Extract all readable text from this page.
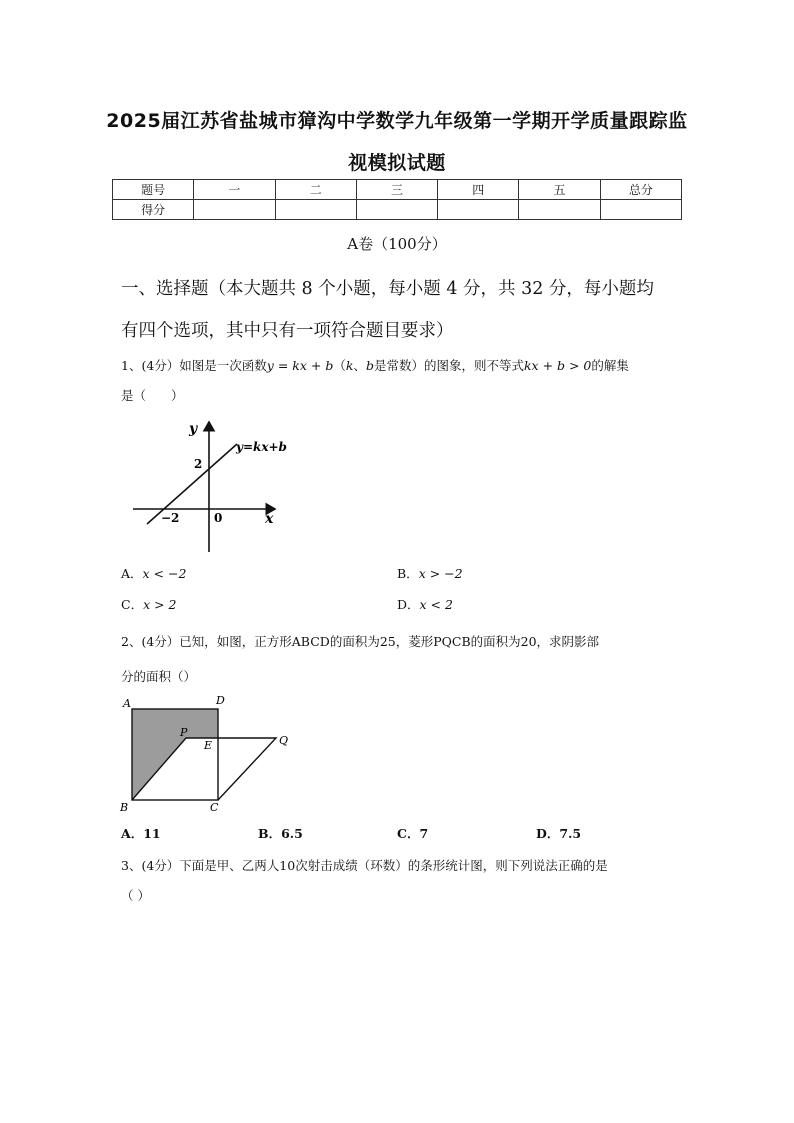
2025届江苏省盐城市獐沟中学数学九年级第一学期开学质量跟踪监
视模拟试题
题号	一	二	三	四	五	总分
得分						
A卷（100分）
一、选择题（本大题共 8 个小题，每小题 4 分，共 32 分，每小题均
有四个选项，其中只有一项符合题目要求）
1、(4分）如图是一次函数y = kx + b（k、b是常数）的图象，则不等式kx + b > 0的解集
是（　　）
y
x
y=kx+b
2
−2	0
A．x < −2	B．x > −2
C．x > 2	D．x < 2
2、(4分）已知，如图，正方形ABCD的面积为25，菱形PQCB的面积为20，求阴影部
分的面积（）
A	D
P
E	Q
B	C
A．11	B．6.5	C．7	D．7.5
3、(4分）下面是甲、乙两人10次射击成绩（环数）的条形统计图，则下列说法正确的是
（ ）
